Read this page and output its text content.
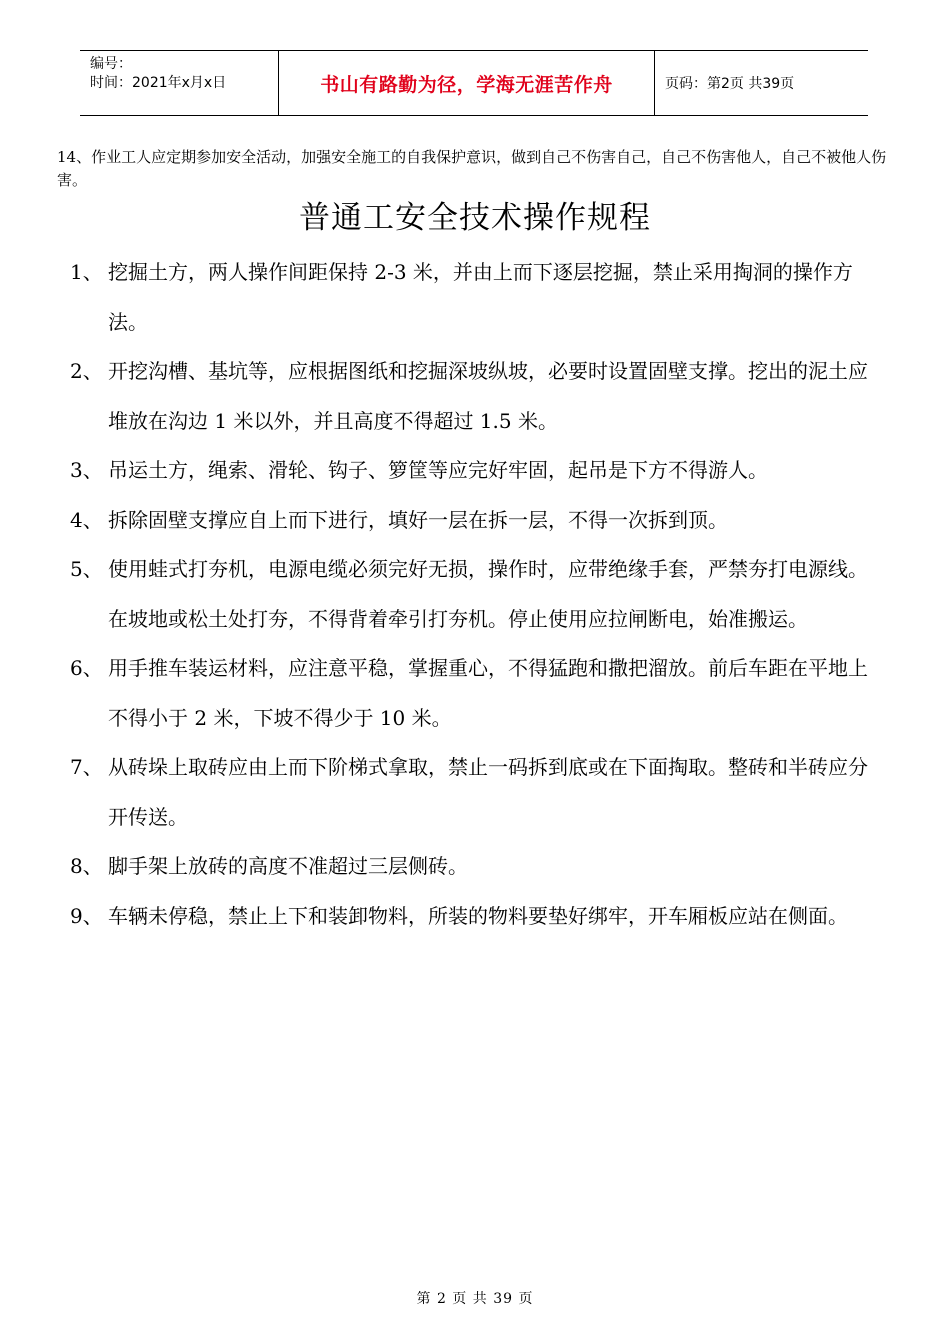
编号：
时间：2021年x月x日	书山有路勤为径，学海无涯苦作舟	页码：第2页 共39页
14、作业工人应定期参加安全活动，加强安全施工的自我保护意识，做到自己不伤害自己，自己不伤害他人，自己不被他人伤害。
普通工安全技术操作规程
1、 挖掘土方，两人操作间距保持 2-3 米，并由上而下逐层挖掘，禁止采用掏洞的操作方法。
2、 开挖沟槽、基坑等，应根据图纸和挖掘深坡纵坡，必要时设置固壁支撑。挖出的泥土应堆放在沟边 1 米以外，并且高度不得超过 1.5 米。
3、 吊运土方，绳索、滑轮、钩子、箩筐等应完好牢固，起吊是下方不得游人。
4、 拆除固壁支撑应自上而下进行，填好一层在拆一层，不得一次拆到顶。
5、 使用蛙式打夯机，电源电缆必须完好无损，操作时，应带绝缘手套，严禁夯打电源线。在坡地或松土处打夯，不得背着牵引打夯机。停止使用应拉闸断电，始准搬运。
6、 用手推车装运材料，应注意平稳，掌握重心，不得猛跑和撒把溜放。前后车距在平地上不得小于 2 米，下坡不得少于 10 米。
7、 从砖垛上取砖应由上而下阶梯式拿取，禁止一码拆到底或在下面掏取。整砖和半砖应分开传送。
8、 脚手架上放砖的高度不准超过三层侧砖。
9、 车辆未停稳，禁止上下和装卸物料，所装的物料要垫好绑牢，开车厢板应站在侧面。
第 2 页 共 39 页
